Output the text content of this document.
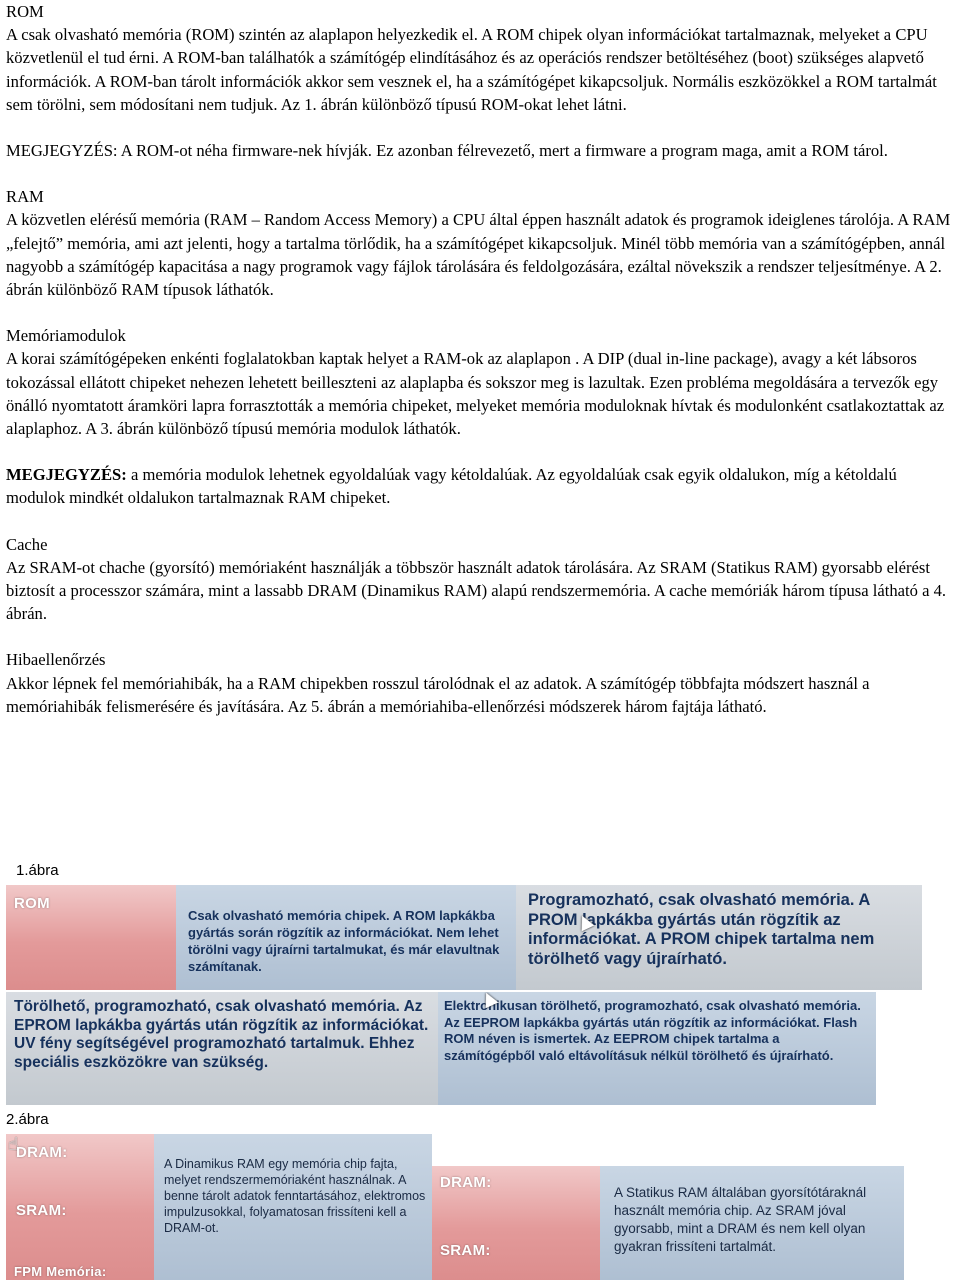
ROM

A csak olvasható memória (ROM) szintén az alaplapon helyezkedik el. A ROM chipek olyan információkat tartalmaznak, melyeket a CPU közvetlenül el tud érni. A ROM-ban találhatók a számítógép elindításához és az operációs rendszer betöltéséhez (boot) szükséges alapvető információk. A ROM-ban tárolt információk akkor sem vesznek el, ha a számítógépet kikapcsoljuk. Normális eszközökkel a ROM tartalmát sem törölni, sem módosítani nem tudjuk. Az 1. ábrán különböző típusú ROM-okat lehet látni.

MEGJEGYZÉS: A ROM-ot néha firmware-nek hívják. Ez azonban félrevezető, mert a firmware a program maga, amit a ROM tárol.

RAM

A közvetlen elérésű memória (RAM – Random Access Memory) a CPU által éppen használt adatok és programok ideiglenes tárolója. A RAM „felejtő” memória, ami azt jelenti, hogy a tartalma törlődik, ha a számítógépet kikapcsoljuk. Minél több memória van a számítógépben, annál nagyobb a számítógép kapacitása a nagy programok vagy fájlok tárolására és feldolgozására, ezáltal növekszik a rendszer teljesítménye. A 2. ábrán különböző RAM típusok láthatók.

Memóriamodulok

A korai számítógépeken enkénti foglalatokban kaptak helyet a RAM-ok az alaplapon . A DIP (dual in-line package), avagy a két lábsoros tokozással ellátott chipeket nehezen lehetett beilleszteni az alaplapba és sokszor meg is lazultak. Ezen probléma megoldására a tervezők egy önálló nyomtatott áramköri lapra forrasztották a memória chipeket, melyeket memória moduloknak hívtak és modulonként csatlakoztattak az alaplaphoz. A 3. ábrán különböző típusú memória modulok láthatók.

MEGJEGYZÉS: a memória modulok lehetnek egyoldalúak vagy kétoldalúak. Az egyoldalúak csak egyik oldalukon, míg a kétoldalú modulok mindkét oldalukon tartalmaznak RAM chipeket.

Cache

Az SRAM-ot chache (gyorsító) memóriaként használják a többször használt adatok tárolására. Az SRAM (Statikus RAM) gyorsabb elérést biztosít a processzor számára, mint a lassabb DRAM (Dinamikus RAM) alapú rendszermemória. A cache memóriák három típusa látható a 4. ábrán.

Hibaellenőrzés

Akkor lépnek fel memóriahibák, ha a RAM chipekben rosszul tárolódnak el az adatok. A számítógép többfajta módszert használ a memóriahibák felismerésére és javítására. Az 5. ábrán a memóriahiba-ellenőrzési módszerek három fajtája látható.

1.ábra
ROM
Csak olvasható memória chipek. A ROM lapkákba gyártás során rögzítik az információkat. Nem lehet törölni vagy újraírni tartalmukat, és már elavultnak számítanak.
Programozható, csak olvasható memória. A PROM lapkákba gyártás után rögzítik az információkat. A PROM chipek tartalma nem törölhető vagy újraírható.
Törölhető, programozható, csak olvasható memória. Az EPROM lapkákba gyártás után rögzítik az információkat. UV fény segítségével programozható tartalmuk. Ehhez speciális eszközökre van szükség.
Elektronikusan törölhető, programozható, csak olvasható memória. Az EEPROM lapkákba gyártás után rögzítik az információkat. Flash ROM néven is ismertek. Az EEPROM chipek tartalma a számítógépből való eltávolításuk nélkül törölhető és újraírható.
2.ábra
☝
DRAM:
SRAM:
FPM Memória:
A Dinamikus RAM egy memória chip fajta, melyet rendszermemóriaként használnak. A benne tárolt adatok fenntartásához, elektromos impulzusokkal, folyamatosan frissíteni kell a DRAM-ot.
DRAM:
SRAM:
A Statikus RAM általában gyorsítótáraknál használt memória chip. Az SRAM jóval gyorsabb, mint a DRAM és nem kell olyan gyakran frissíteni tartalmát.
